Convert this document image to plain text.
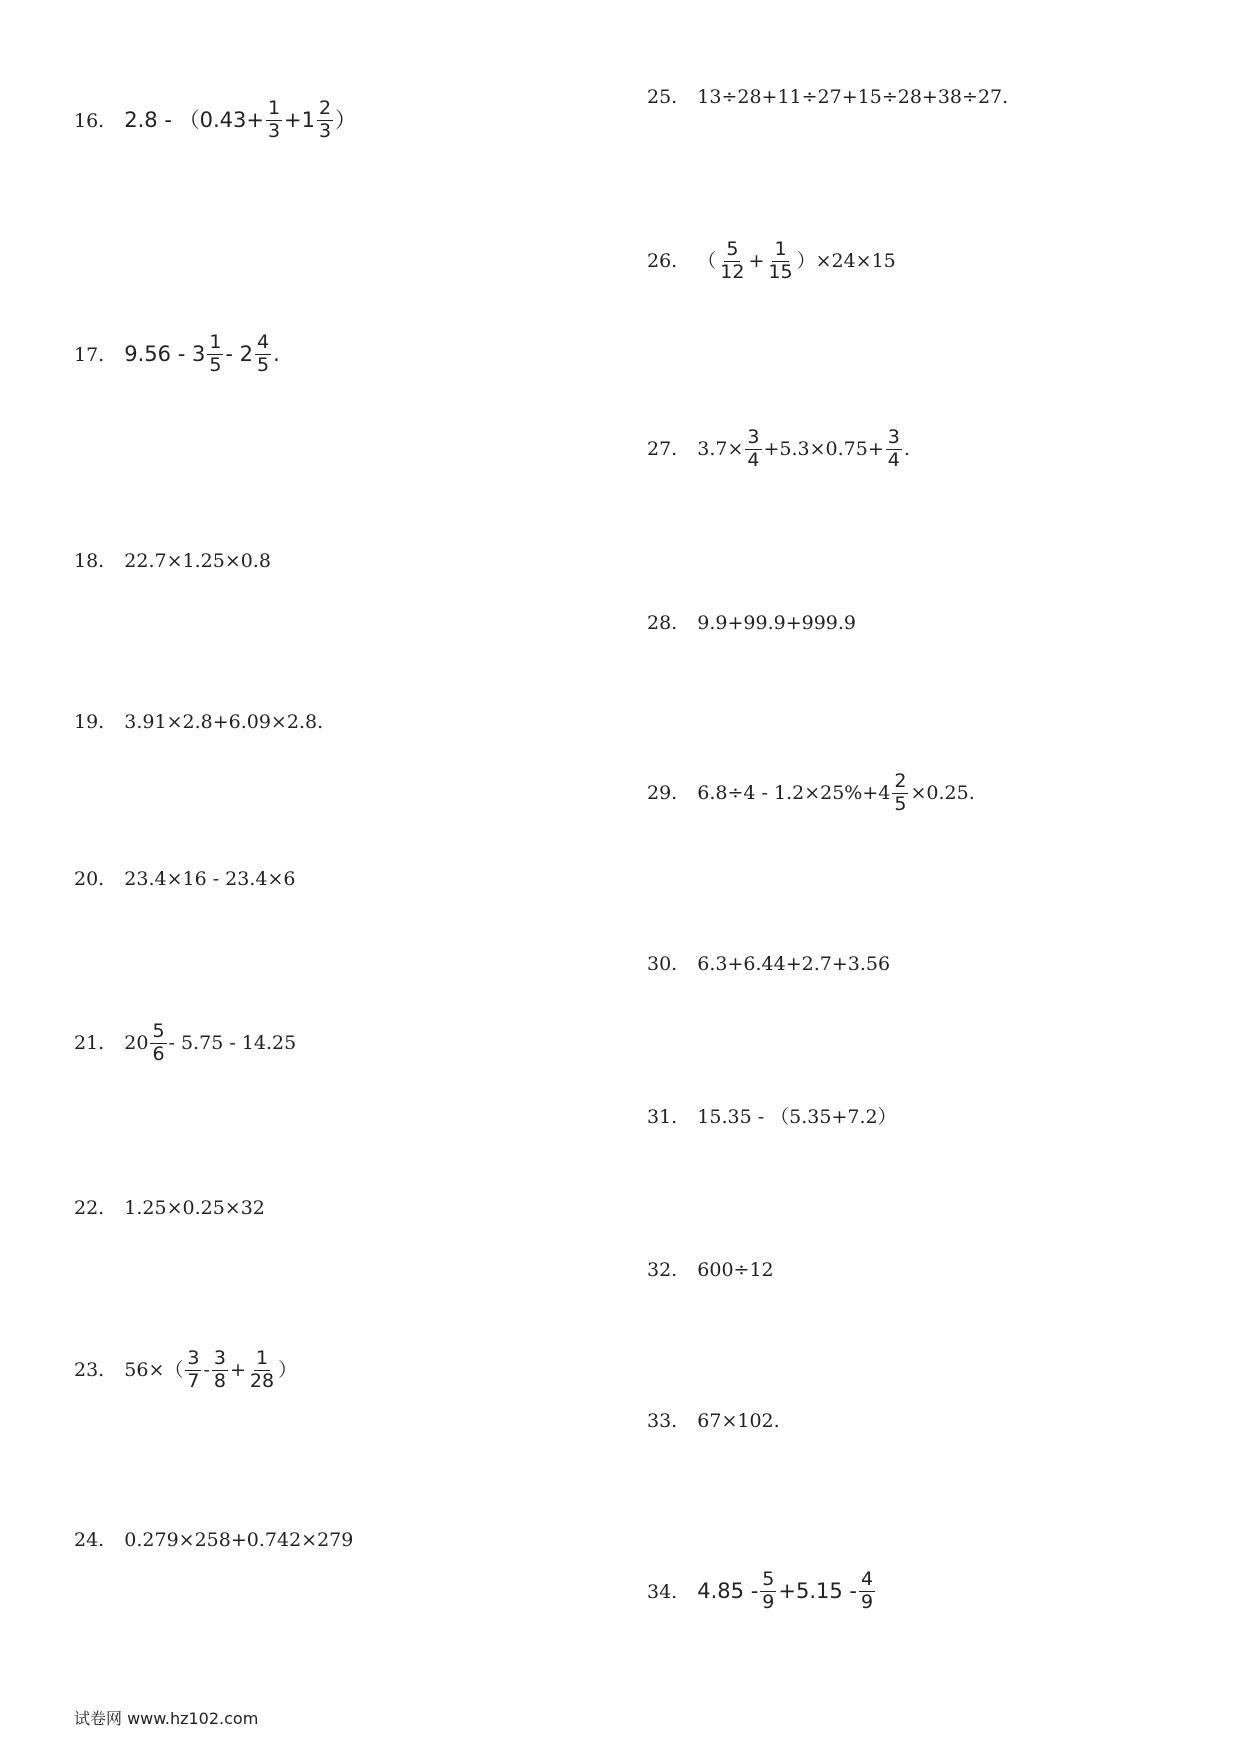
16. $2.8 - (0.43+ \frac{1}{3} +1 \frac{2}{3}$ ）
17. $9.56 - 3 \frac{1}{5} - 2 \frac{4}{5}$ .
18. 22.7×1.25×0.8
19. 3.91×2.8+6.09×2.8.
20. 23.4×16 - 23.4×6
21. $20 \frac{5}{6} - 5.75 - 14.25$
22. 1.25×0.25×32
23. $56\times( \frac{3}{7} - \frac{3}{8} + \frac{1}{28}$ ）
24. 0.279×258+0.742×279
25. 13÷28+11÷27+15÷28+38÷27.
26. （ $\frac{5}{12} + \frac{1}{15} )\times 24\times 15$
27. $3.7\times \frac{3}{4} +5.3\times 0.75+ \frac{3}{4}$ .
28. 9.9+99.9+999.9
29. $6.8\div 4 - 1.2\times 25\%+4 \frac{2}{5} \times 0.25$.
30. 6.3+6.44+2.7+3.56
31. 15.35 - （5.35+7.2）
32. 600÷12
33. 67×102.
34. $4.85 - \frac{5}{9} +5.15 - \frac{4}{9}$
试卷网 www.hz102.com
